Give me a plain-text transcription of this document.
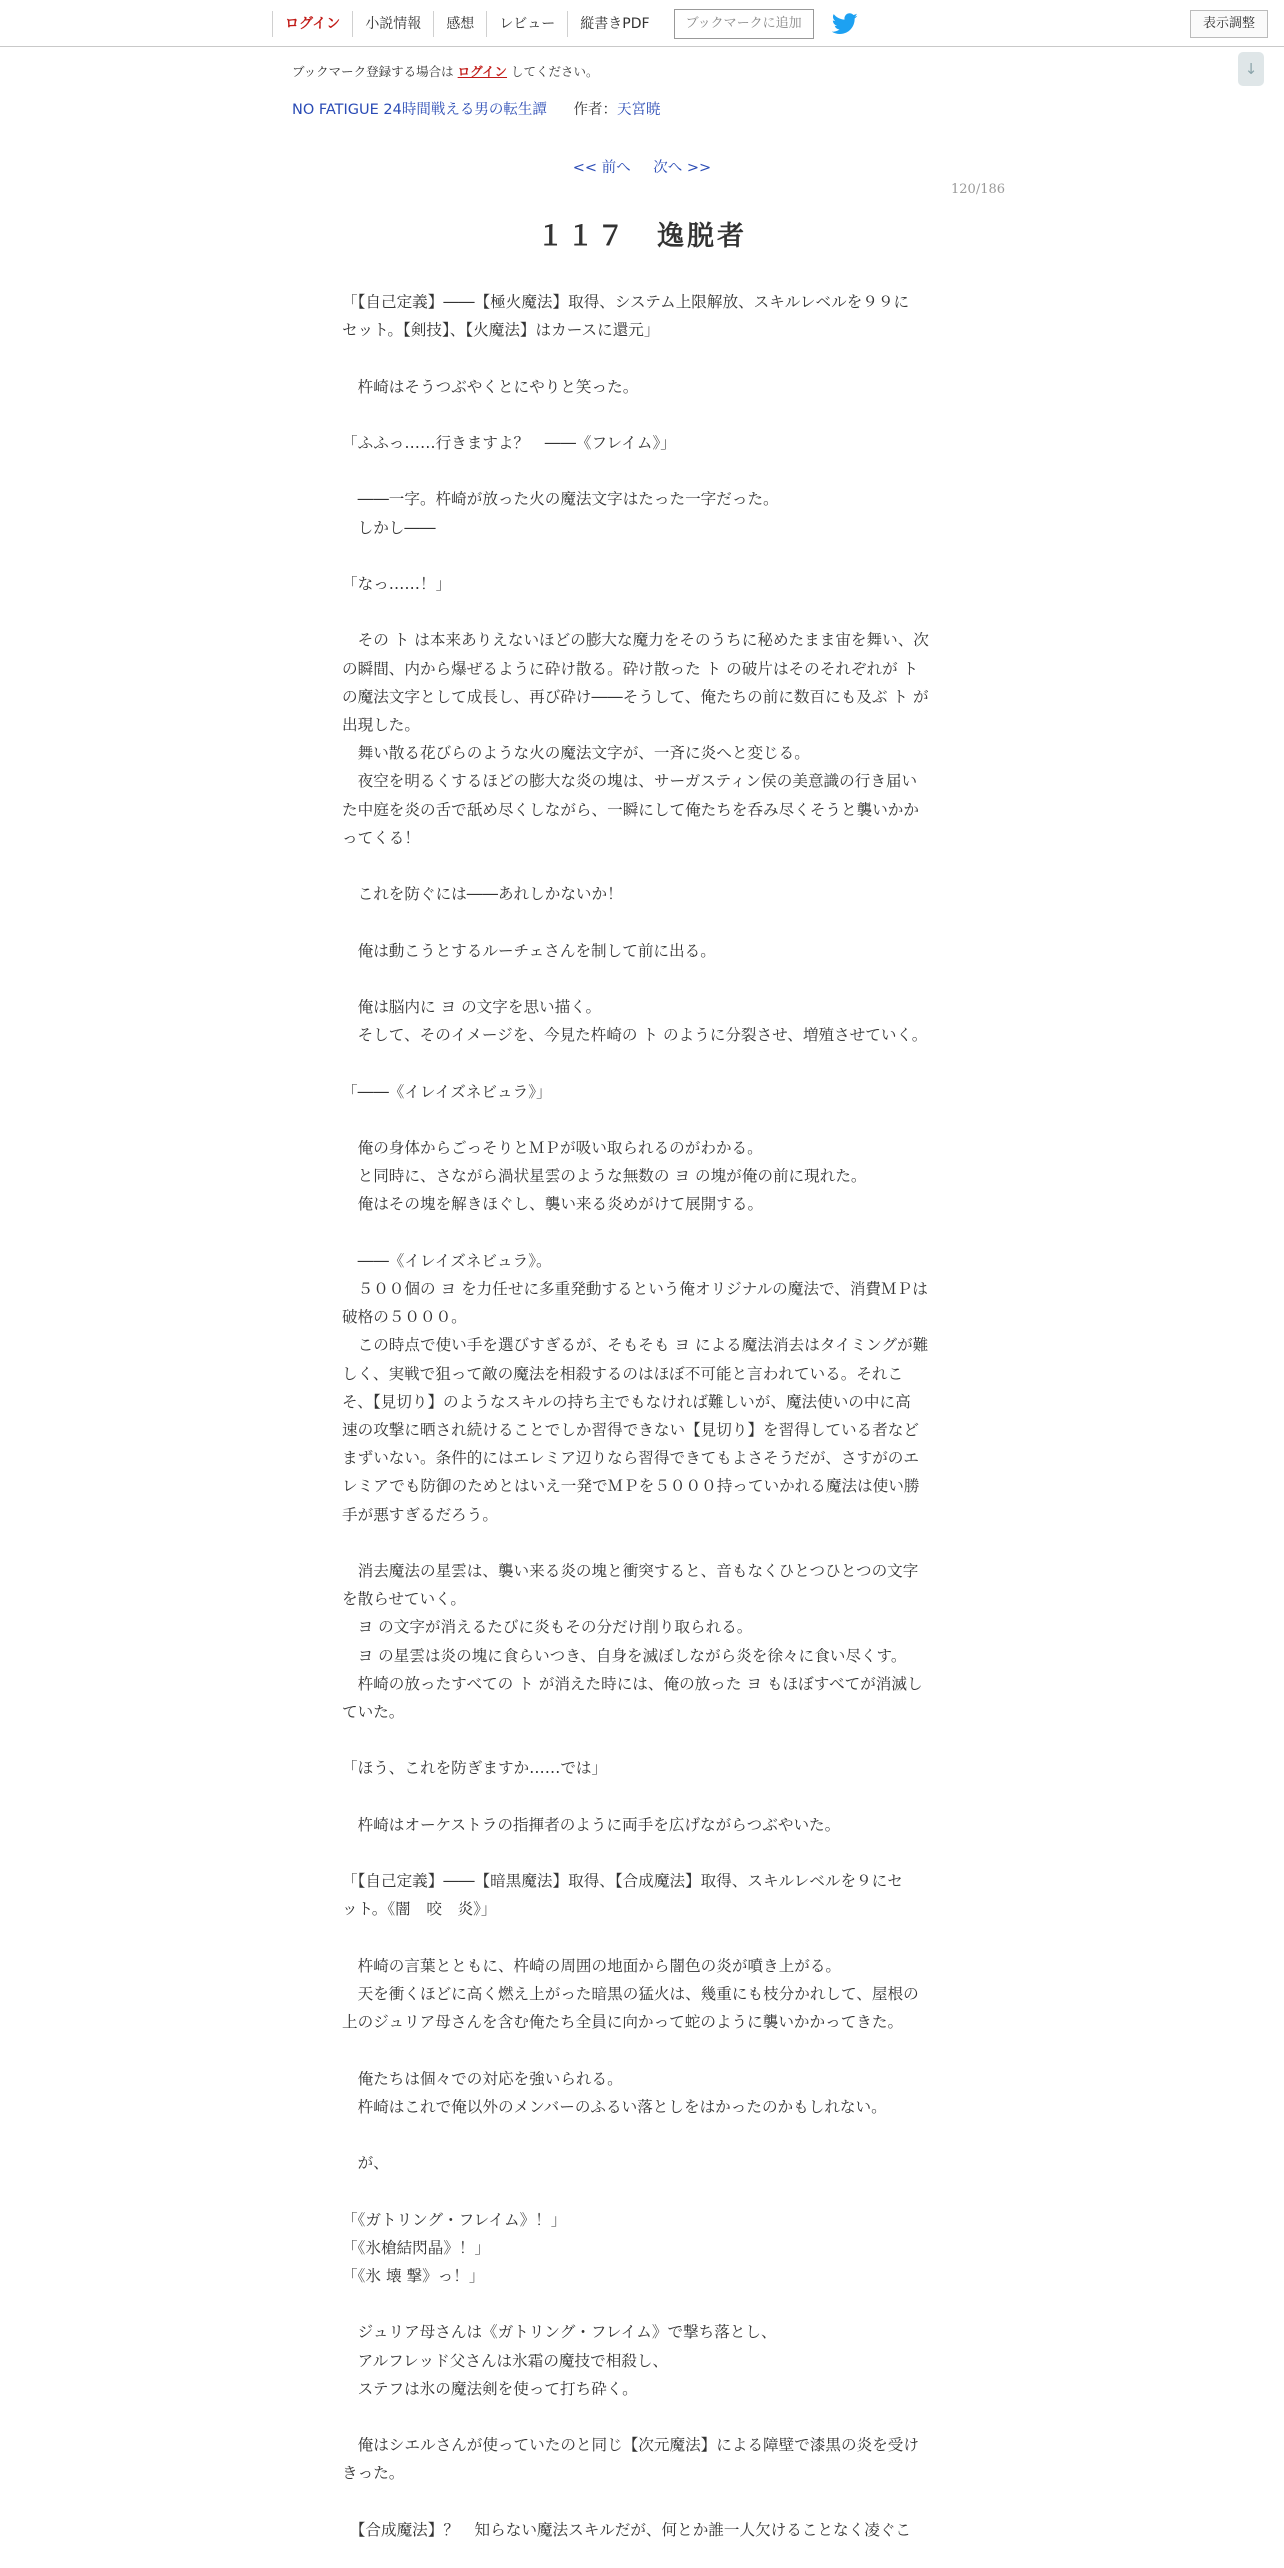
ログイン	小説情報	感想	レビュー	縦書きPDF	ブックマークに追加	表示調整
↓
ブックマーク登録する場合は ログイン してください。
NO FATIGUE 24時間戦える男の転生譚 作者：天宮暁
<< 前へ 次へ >>
120/186
１１７　逸脱者

「【自己定義】――【極火魔法】取得、システム上限解放、スキルレベルを９９に

セット。【剣技】、【火魔法】はカースに還元」

　杵崎はそうつぶやくとにやりと笑った。

「ふふっ……行きますよ？　――《フレイム》」

　――一字。杵崎が放った火の魔法文字はたった一字だった。

　しかし――

「なっ……！」

　その ト は本来ありえないほどの膨大な魔力をそのうちに秘めたまま宙を舞い、次

の瞬間、内から爆ぜるように砕け散る。砕け散った ト の破片はそのそれぞれが ト

の魔法文字として成長し、再び砕け――そうして、俺たちの前に数百にも及ぶ ト が

出現した。

　舞い散る花びらのような火の魔法文字が、一斉に炎へと変じる。

　夜空を明るくするほどの膨大な炎の塊は、サーガスティン侯の美意識の行き届い

た中庭を炎の舌で舐め尽くしながら、一瞬にして俺たちを呑み尽くそうと襲いかか

ってくる！

　これを防ぐには――あれしかないか！

　俺は動こうとするルーチェさんを制して前に出る。

　俺は脳内に ヨ の文字を思い描く。

　そして、そのイメージを、今見た杵崎の ト のように分裂させ、増殖させていく。

「――《イレイズネビュラ》」

　俺の身体からごっそりとＭＰが吸い取られるのがわかる。

　と同時に、さながら渦状星雲のような無数の ヨ の塊が俺の前に現れた。

　俺はその塊を解きほぐし、襲い来る炎めがけて展開する。

　――《イレイズネビュラ》。

　５００個の ヨ を力任せに多重発動するという俺オリジナルの魔法で、消費ＭＰは

破格の５０００。

　この時点で使い手を選びすぎるが、そもそも ヨ による魔法消去はタイミングが難

しく、実戦で狙って敵の魔法を相殺するのはほぼ不可能と言われている。それこ

そ、【見切り】のようなスキルの持ち主でもなければ難しいが、魔法使いの中に高

速の攻撃に晒され続けることでしか習得できない【見切り】を習得している者など

まずいない。条件的にはエレミア辺りなら習得できてもよさそうだが、さすがのエ

レミアでも防御のためとはいえ一発でＭＰを５０００持っていかれる魔法は使い勝

手が悪すぎるだろう。

　消去魔法の星雲は、襲い来る炎の塊と衝突すると、音もなくひとつひとつの文字

を散らせていく。

　ヨ の文字が消えるたびに炎もその分だけ削り取られる。

　ヨ の星雲は炎の塊に食らいつき、自身を滅ぼしながら炎を徐々に食い尽くす。

　杵崎の放ったすべての ト が消えた時には、俺の放った ヨ もほぼすべてが消滅し

ていた。

「ほう、これを防ぎますか……では」

　杵崎はオーケストラの指揮者のように両手を広げながらつぶやいた。

「【自己定義】――【暗黒魔法】取得、【合成魔法】取得、スキルレベルを９にセ

ット。《闇　咬　炎》」

　杵崎の言葉とともに、杵崎の周囲の地面から闇色の炎が噴き上がる。

　天を衝くほどに高く燃え上がった暗黒の猛火は、幾重にも枝分かれして、屋根の

上のジュリア母さんを含む俺たち全員に向かって蛇のように襲いかかってきた。

　俺たちは個々での対応を強いられる。

　杵崎はこれで俺以外のメンバーのふるい落としをはかったのかもしれない。

　が、

「《ガトリング・フレイム》！」

「《氷槍結閃晶》！」

「《氷 壊 撃》っ！」

　ジュリア母さんは《ガトリング・フレイム》で撃ち落とし、

　アルフレッド父さんは氷霜の魔技で相殺し、

　ステフは氷の魔法剣を使って打ち砕く。

　俺はシエルさんが使っていたのと同じ【次元魔法】による障壁で漆黒の炎を受け

きった。

　【合成魔法】？　知らない魔法スキルだが、何とか誰一人欠けることなく凌ぐこ
